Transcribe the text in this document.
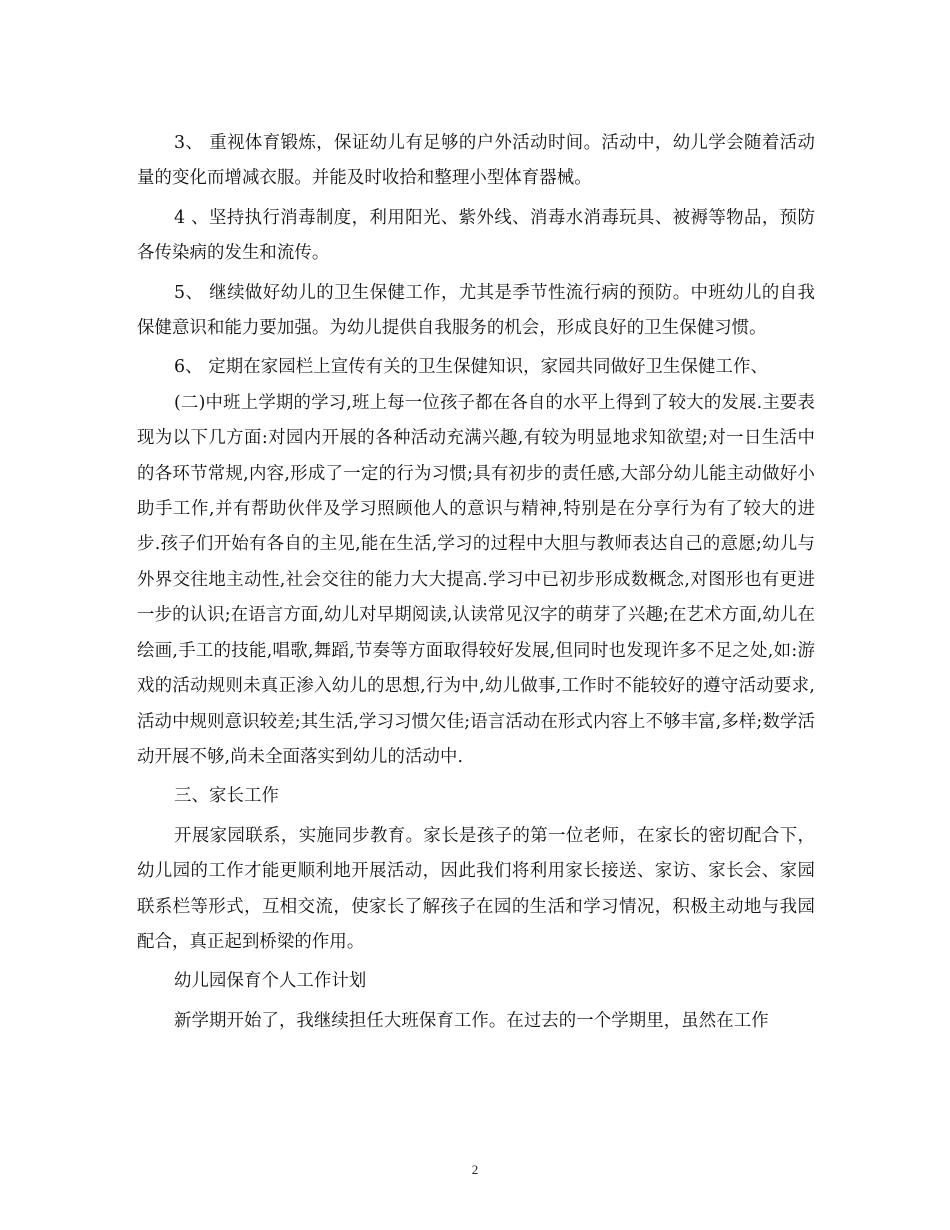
3、 重视体育锻炼，保证幼儿有足够的户外活动时间。活动中，幼儿学会随着活动量的变化而增减衣服。并能及时收拾和整理小型体育器械。

4 、坚持执行消毒制度，利用阳光、紫外线、消毒水消毒玩具、被褥等物品，预防各传染病的发生和流传。

5、 继续做好幼儿的卫生保健工作，尤其是季节性流行病的预防。中班幼儿的自我保健意识和能力要加强。为幼儿提供自我服务的机会，形成良好的卫生保健习惯。

6、 定期在家园栏上宣传有关的卫生保健知识，家园共同做好卫生保健工作、

(二)中班上学期的学习,班上每一位孩子都在各自的水平上得到了较大的发展.主要表现为以下几方面:对园内开展的各种活动充满兴趣,有较为明显地求知欲望;对一日生活中的各环节常规,内容,形成了一定的行为习惯;具有初步的责任感,大部分幼儿能主动做好小助手工作,并有帮助伙伴及学习照顾他人的意识与精神,特别是在分享行为有了较大的进步.孩子们开始有各自的主见,能在生活,学习的过程中大胆与教师表达自己的意愿;幼儿与外界交往地主动性,社会交往的能力大大提高.学习中已初步形成数概念,对图形也有更进一步的认识;在语言方面,幼儿对早期阅读,认读常见汉字的萌芽了兴趣;在艺术方面,幼儿在绘画,手工的技能,唱歌,舞蹈,节奏等方面取得较好发展,但同时也发现许多不足之处,如:游戏的活动规则未真正渗入幼儿的思想,行为中,幼儿做事,工作时不能较好的遵守活动要求,活动中规则意识较差;其生活,学习习惯欠佳;语言活动在形式内容上不够丰富,多样;数学活动开展不够,尚未全面落实到幼儿的活动中.

三、家长工作

开展家园联系，实施同步教育。家长是孩子的第一位老师，在家长的密切配合下， 幼儿园的工作才能更顺利地开展活动，因此我们将利用家长接送、家访、家长会、家园联系栏等形式，互相交流，使家长了解孩子在园的生活和学习情况，积极主动地与我园配合，真正起到桥梁的作用。

幼儿园保育个人工作计划

新学期开始了，我继续担任大班保育工作。在过去的一个学期里，虽然在工作

2
